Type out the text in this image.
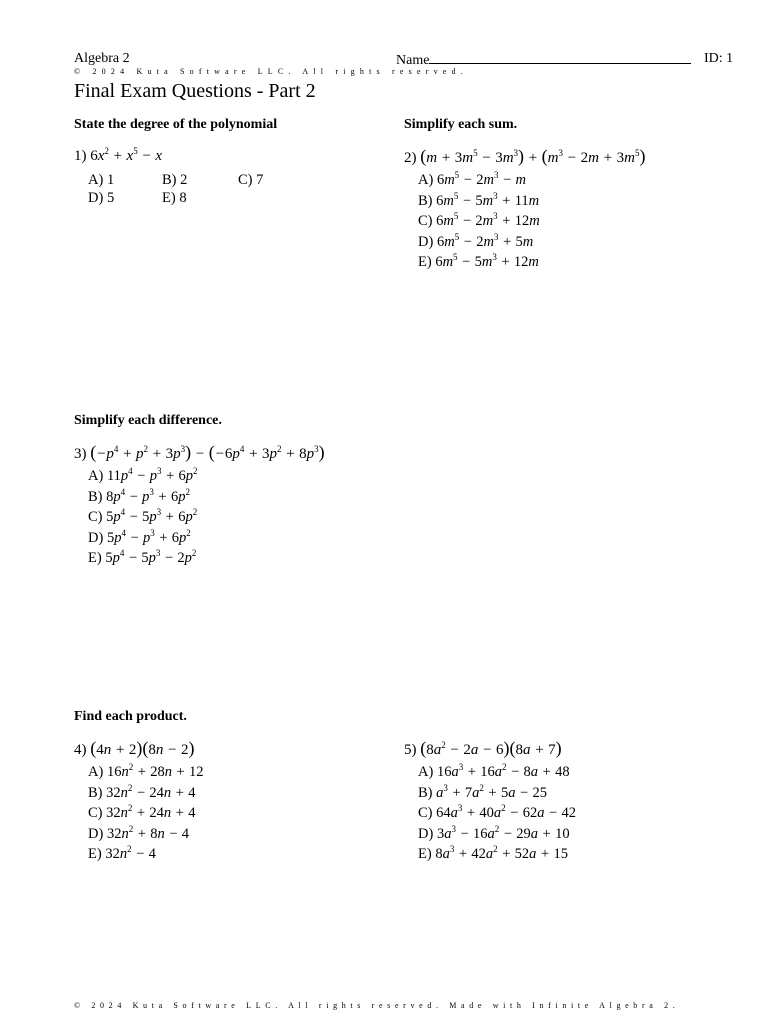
Algebra 2	Name	ID: 1
© 2024 Kuta Software LLC. All rights reserved.
Final Exam Questions - Part 2
State the degree of the polynomial	Simplify each sum.
Simplify each difference.
Find each product.
1) $6x^2 + x^5 - x$
A) 1	B) 2	C) 7
D) 5	E) 8
2) $(m + 3m^5 - 3m^3) + (m^3 - 2m + 3m^5)$
A) $6m^5 - 2m^3 - m$
B) $6m^5 - 5m^3 + 11m$
C) $6m^5 - 2m^3 + 12m$
D) $6m^5 - 2m^3 + 5m$
E) $6m^5 - 5m^3 + 12m$
3) $(-p^4 + p^2 + 3p^3) - (-6p^4 + 3p^2 + 8p^3)$
A) $11p^4 - p^3 + 6p^2$
B) $8p^4 - p^3 + 6p^2$
C) $5p^4 - 5p^3 + 6p^2$
D) $5p^4 - p^3 + 6p^2$
E) $5p^4 - 5p^3 - 2p^2$
4) (4n + 2)(8n − 2)
A) $16n^2 + 28n + 12$
B) $32n^2 - 24n + 4$
C) $32n^2 + 24n + 4$
D) $32n^2 + 8n - 4$
E) $32n^2 - 4$
5) $(8a^2 - 2a - 6)(8a + 7)$
A) $16a^3 + 16a^2 - 8a + 48$
B) $a^3 + 7a^2 + 5a - 25$
C) $64a^3 + 40a^2 - 62a - 42$
D) $3a^3 - 16a^2 - 29a + 10$
E) $8a^3 + 42a^2 + 52a + 15$
© 2024 Kuta Software LLC. All rights reserved. Made with Infinite Algebra 2.
